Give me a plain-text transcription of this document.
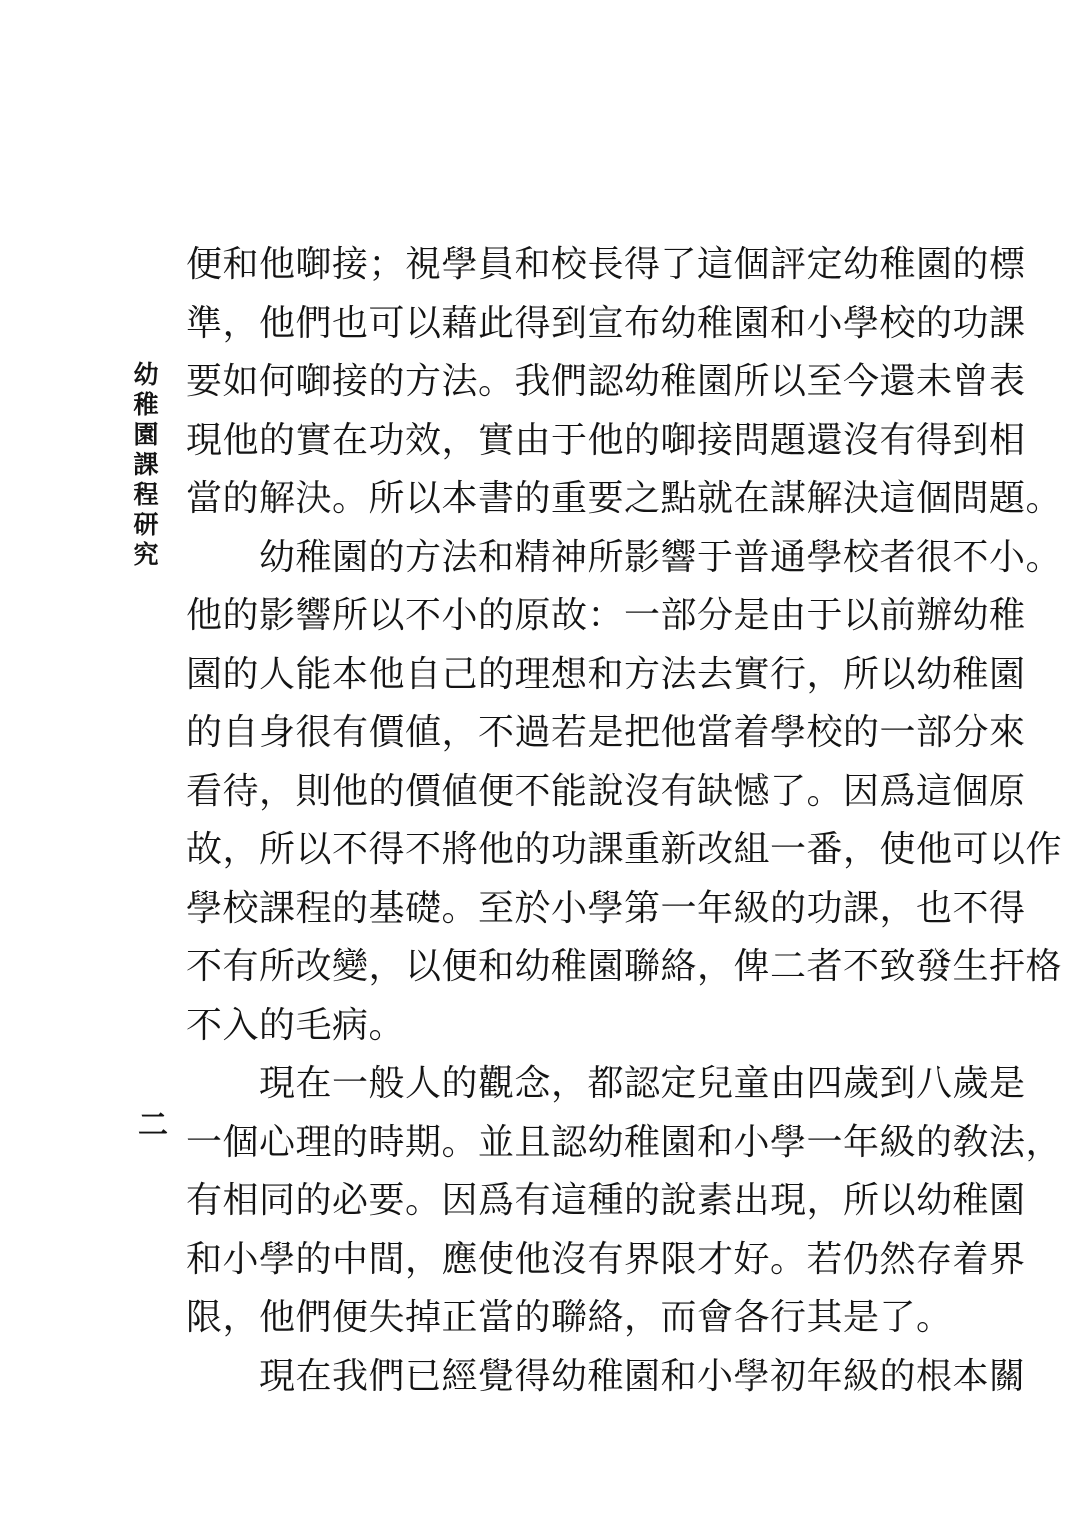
幼稚園課程研究
二
便和他啣接；視學員和校長得了這個評定幼稚園的標
準，他們也可以藉此得到宣布幼稚園和小學校的功課
要如何啣接的方法。我們認幼稚園所以至今還未曾表
現他的實在功效，實由于他的啣接問題還沒有得到相
當的解決。所以本書的重要之點就在謀解決這個問題。
　　幼稚園的方法和精神所影響于普通學校者很不小。
他的影響所以不小的原故：一部分是由于以前辦幼稚
園的人能本他自己的理想和方法去實行，所以幼稚園
的自身很有價値，不過若是把他當着學校的一部分來
看待，則他的價値便不能說沒有缺憾了。因爲這個原
故，所以不得不將他的功課重新改組一番，使他可以作
學校課程的基礎。至於小學第一年級的功課，也不得
不有所改變，以便和幼稚園聯絡，俾二者不致發生扞格
不入的毛病。
　　現在一般人的觀念，都認定兒童由四歲到八歲是
一個心理的時期。並且認幼稚園和小學一年級的敎法，
有相同的必要。因爲有這種的說素出現，所以幼稚園
和小學的中間，應使他沒有界限才好。若仍然存着界
限，他們便失掉正當的聯絡，而會各行其是了。
　　現在我們已經覺得幼稚園和小學初年級的根本關
